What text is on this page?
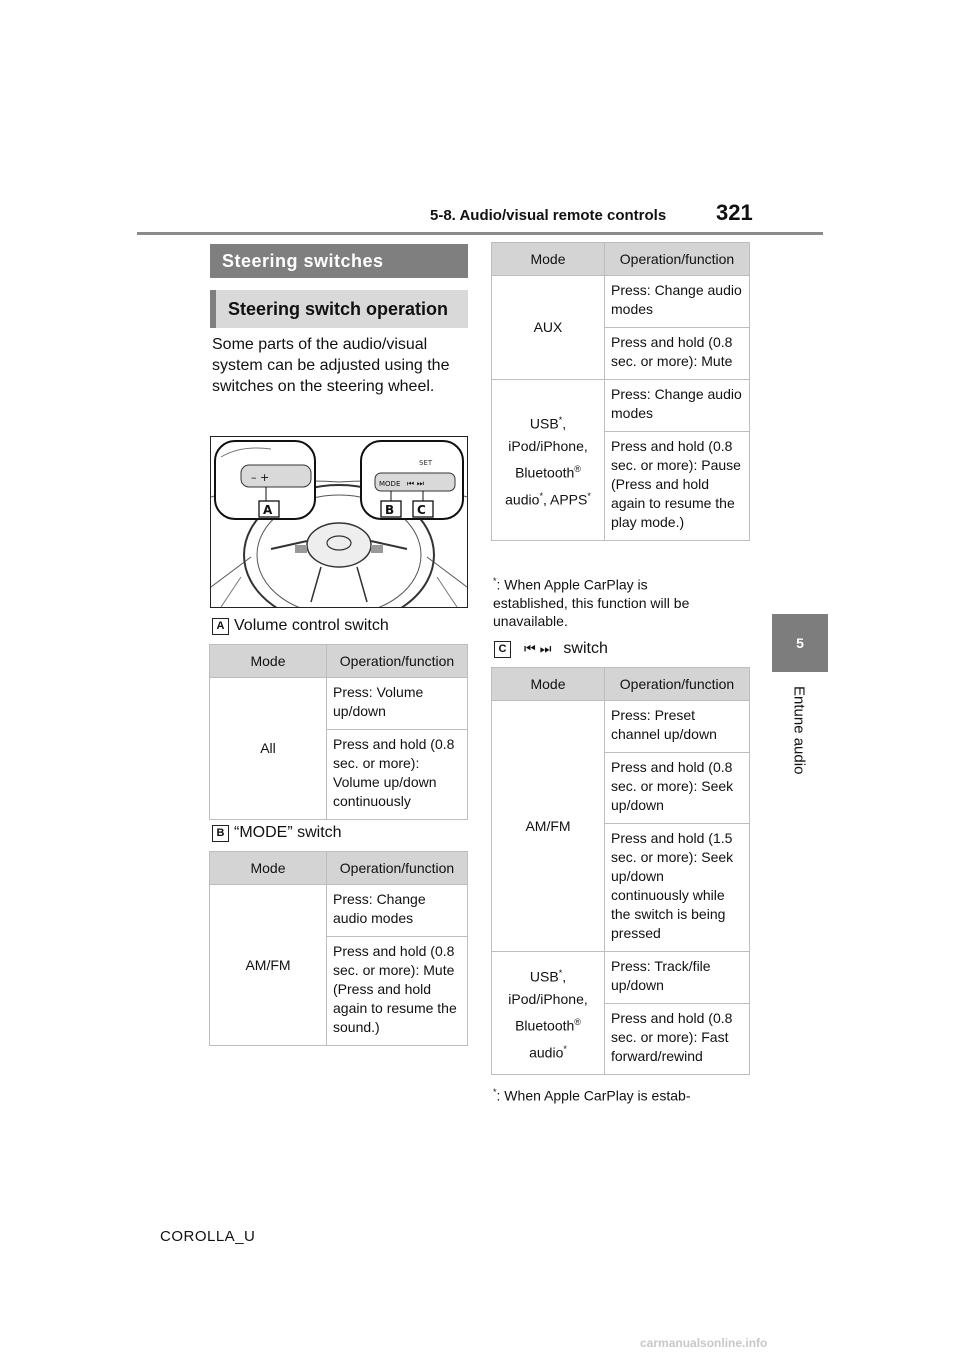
5-8. Audio/visual remote controls 321
5
Entune audio
Steering switches
Steering switch operation
Some parts of the audio/visual system can be adjusted using the switches on the steering wheel.
– +	MODE ⏮ ⏭
SET
A	B C
A Volume control switch
Mode	Operation/function
All	Press: Volume up/down
	Press and hold (0.8 sec. or more): Volume up/down continuously
B “MODE” switch
Mode	Operation/function
AM/FM	Press: Change audio modes
	Press and hold (0.8 sec. or more): Mute (Press and hold again to resume the sound.)
Mode	Operation/function
AUX	Press: Change audio modes
	Press and hold (0.8 sec. or more): Mute
USB*, iPod/iPhone, Bluetooth® audio*, APPS*	Press: Change audio modes
	Press and hold (0.8 sec. or more): Pause (Press and hold again to resume the play mode.)
*: When Apple CarPlay is established, this function will be unavailable.
C	⏮ ⏭ switch
Mode	Operation/function
AM/FM	Press: Preset channel up/down
	Press and hold (0.8 sec. or more): Seek up/down
	Press and hold (1.5 sec. or more): Seek up/down continuously while the switch is being pressed
USB*, iPod/iPhone, Bluetooth® audio*	Press: Track/file up/down
	Press and hold (0.8 sec. or more): Fast forward/rewind
*: When Apple CarPlay is estab-
COROLLA_U
carmanualsonline.info
